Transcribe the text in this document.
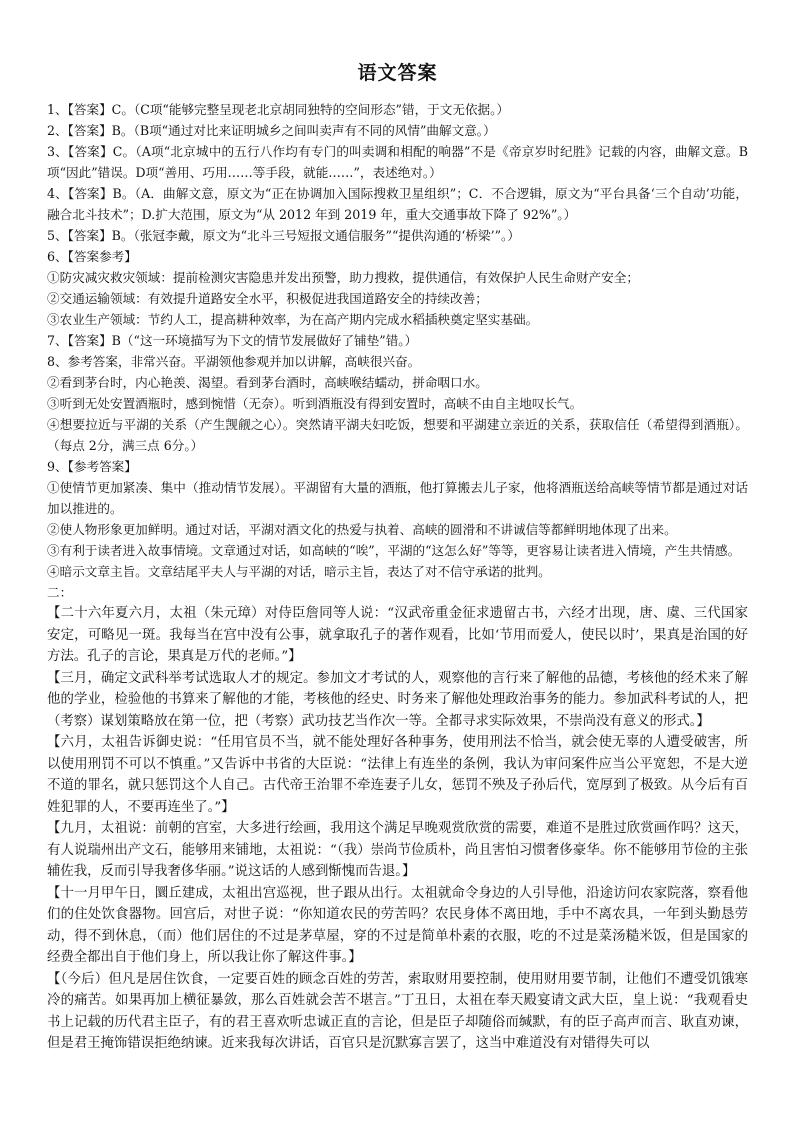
语文答案

1、【答案】C。（C项“能够完整呈现老北京胡同独特的空间形态”错，于文无依据。）

2、【答案】B。（B项“通过对比来证明城乡之间叫卖声有不同的风情”曲解文意。）

3、【答案】C。（A项“北京城中的五行八作均有专门的叫卖调和相配的响器”不是《帝京岁时纪胜》记载的内容，曲解文意。B项“因此”错误。D项“善用、巧用……等手段，就能……”，表述绝对。）

4、【答案】B。（A．曲解文意，原文为“正在协调加入国际搜救卫星组织”；C．不合逻辑，原文为“平台具备‘三个自动’功能，融合北斗技术”；D.扩大范围，原文为“从 2012 年到 2019 年，重大交通事故下降了 92%”。）

5、【答案】B。（张冠李戴，原文为“北斗三号短报文通信服务”“提供沟通的‘桥梁’”。）

6、【答案参考】

①防灾减灾救灾领域：提前检测灾害隐患并发出预警，助力搜救，提供通信，有效保护人民生命财产安全；

②交通运输领域：有效提升道路安全水平，积极促进我国道路安全的持续改善；

③农业生产领域：节约人工，提高耕种效率，为在高产期内完成水稻插秧奠定坚实基础。

7、【答案】B（“这一环境描写为下文的情节发展做好了铺垫”错。）

8、参考答案，非常兴奋。平湖领他参观并加以讲解，高峡很兴奋。

②看到茅台时，内心艳羡、渴望。看到茅台酒时，高峡喉结蠕动，拼命咽口水。

③听到无处安置酒瓶时，感到惋惜（无奈）。听到酒瓶没有得到安置时，高峡不由自主地叹长气。

④想要拉近与平湖的关系（产生觊觎之心）。突然请平湖夫妇吃饭，想要和平湖建立亲近的关系，获取信任（希望得到酒瓶）。（每点 2分，满三点 6分。）

9、【参考答案】

①使情节更加紧凑、集中（推动情节发展）。平湖留有大量的酒瓶，他打算搬去儿子家，他将酒瓶送给高峡等情节都是通过对话加以推进的。

②使人物形象更加鲜明。通过对话，平湖对酒文化的热爱与执着、高峡的圆滑和不讲诚信等都鲜明地体现了出来。

③有利于读者进入故事情境。文章通过对话，如高峡的“唉”，平湖的“这怎么好”等等，更容易让读者进入情境，产生共情感。

④暗示文章主旨。文章结尾平夫人与平湖的对话，暗示主旨，表达了对不信守承诺的批判。

二：

【二十六年夏六月，太祖（朱元璋）对侍臣詹同等人说：“汉武帝重金征求遗留古书，六经才出现，唐、虞、三代国家安定，可略见一斑。我每当在宫中没有公事，就拿取孔子的著作观看，比如‘节用而爱人，使民以时’，果真是治国的好方法。孔子的言论，果真是万代的老师。”】

【三月，确定文武科举考试选取人才的规定。参加文才考试的人，观察他的言行来了解他的品德，考核他的经术来了解他的学业，检验他的书算来了解他的才能，考核他的经史、时务来了解他处理政治事务的能力。参加武科考试的人，把（考察）谋划策略放在第一位，把（考察）武功技艺当作次一等。全都寻求实际效果，不崇尚没有意义的形式。】

【六月，太祖告诉御史说：“任用官员不当，就不能处理好各种事务，使用刑法不恰当，就会使无辜的人遭受破害，所以使用刑罚不可以不慎重。”又告诉中书省的大臣说：“法律上有连坐的条例，我认为审问案件应当公平宽恕，不是大逆不道的罪名，就只惩罚这个人自己。古代帝王治罪不牵连妻子儿女，惩罚不殃及子孙后代，宽厚到了极致。从今后有百姓犯罪的人，不要再连坐了。”】

【九月，太祖说：前朝的宫室，大多进行绘画，我用这个满足早晚观赏欣赏的需要，难道不是胜过欣赏画作吗？这天，有人说瑞州出产文石，能够用来铺地，太祖说：“（我）崇尚节俭质朴，尚且害怕习惯奢侈豪华。你不能够用节俭的主张辅佐我，反而引导我奢侈华丽。”说这话的人感到惭愧而告退。】

【十一月甲午日，圜丘建成，太祖出宫巡视，世子跟从出行。太祖就命令身边的人引导他，沿途访问农家院落，察看他们的住处饮食器物。回宫后，对世子说：“你知道农民的劳苦吗？农民身体不离田地，手中不离农具，一年到头勤恳劳动，得不到休息，（而）他们居住的不过是茅草屋，穿的不过是简单朴素的衣服，吃的不过是菜汤糙米饭，但是国家的经费全都出自于他们身上，所以我让你了解这件事。】

【（今后）但凡是居住饮食，一定要百姓的顾念百姓的劳苦，索取财用要控制，使用财用要节制，让他们不遭受饥饿寒冷的痛苦。如果再加上横征暴敛，那么百姓就会苦不堪言。”丁丑日，太祖在奉天殿宴请文武大臣，皇上说：“我观看史书上记载的历代君主臣子，有的君王喜欢听忠诚正直的言论，但是臣子却随俗而缄默，有的臣子高声而言、耿直劝谏，但是君王掩饰错误拒绝纳谏。近来我每次讲话，百官只是沉默寡言罢了，这当中难道没有对错得失可以
